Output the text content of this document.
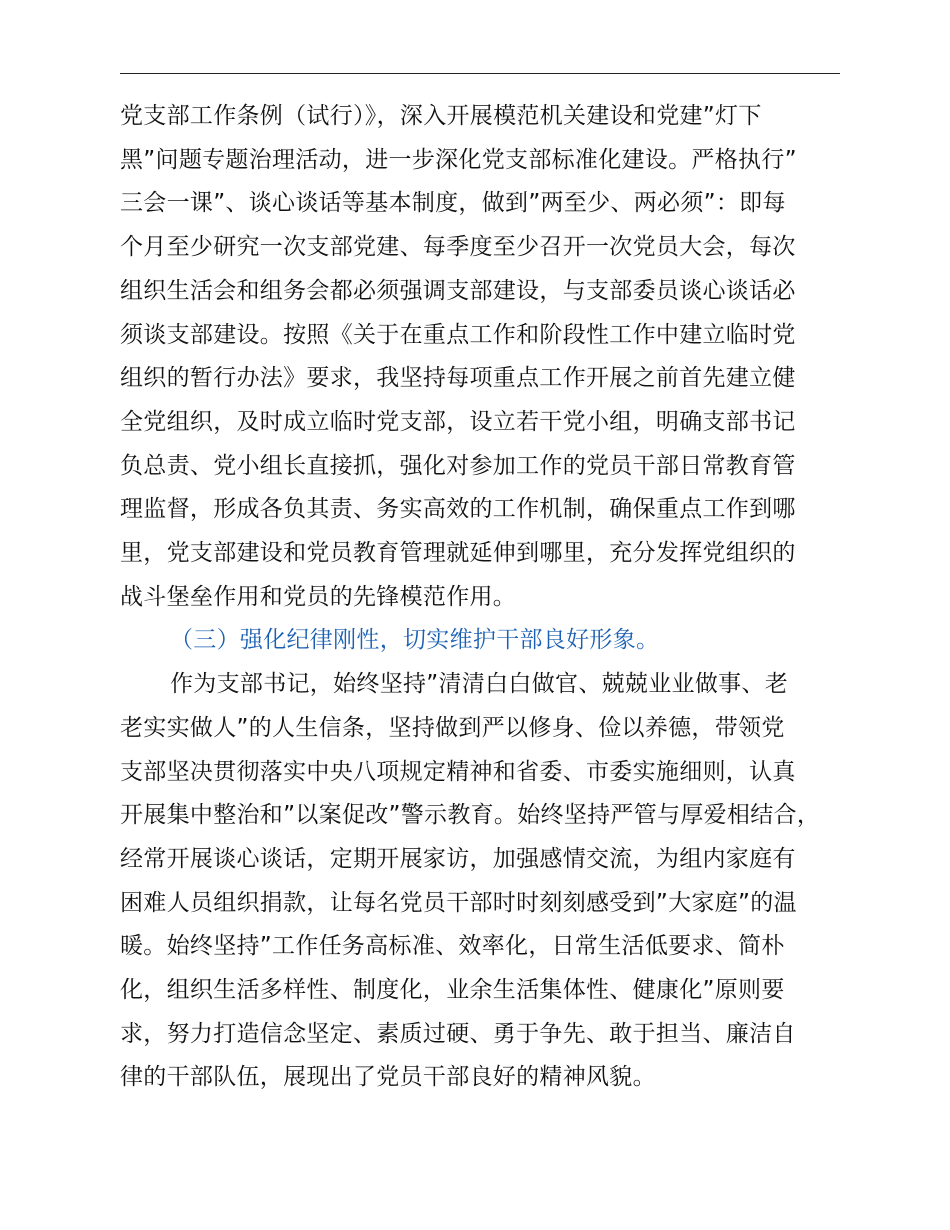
党支部工作条例（试行）》，深入开展模范机关建设和党建”灯下
黑”问题专题治理活动，进一步深化党支部标准化建设。严格执行”
三会一课”、谈心谈话等基本制度，做到”两至少、两必须”：即每
个月至少研究一次支部党建、每季度至少召开一次党员大会，每次
组织生活会和组务会都必须强调支部建设，与支部委员谈心谈话必
须谈支部建设。按照《关于在重点工作和阶段性工作中建立临时党
组织的暂行办法》要求，我坚持每项重点工作开展之前首先建立健
全党组织，及时成立临时党支部，设立若干党小组，明确支部书记
负总责、党小组长直接抓，强化对参加工作的党员干部日常教育管
理监督，形成各负其责、务实高效的工作机制，确保重点工作到哪
里，党支部建设和党员教育管理就延伸到哪里，充分发挥党组织的
战斗堡垒作用和党员的先锋模范作用。

（三）强化纪律刚性，切实维护干部良好形象。

作为支部书记，始终坚持”清清白白做官、兢兢业业做事、老
老实实做人”的人生信条，坚持做到严以修身、俭以养德，带领党
支部坚决贯彻落实中央八项规定精神和省委、市委实施细则，认真
开展集中整治和”以案促改”警示教育。始终坚持严管与厚爱相结合，
经常开展谈心谈话，定期开展家访，加强感情交流，为组内家庭有
困难人员组织捐款，让每名党员干部时时刻刻感受到”大家庭”的温
暖。始终坚持”工作任务高标准、效率化，日常生活低要求、简朴
化，组织生活多样性、制度化，业余生活集体性、健康化”原则要
求，努力打造信念坚定、素质过硬、勇于争先、敢于担当、廉洁自
律的干部队伍，展现出了党员干部良好的精神风貌。
